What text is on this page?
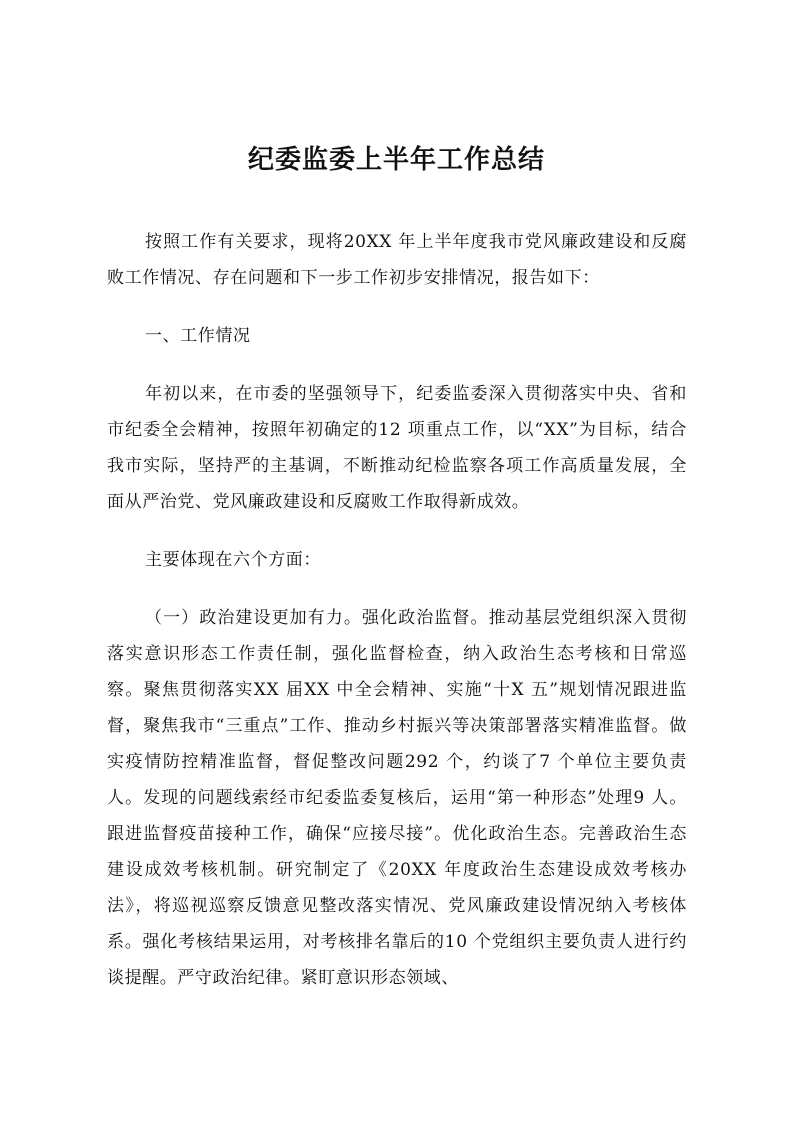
纪委监委上半年工作总结

按照工作有关要求，现将20XX 年上半年度我市党风廉政建设和反腐败工作情况、存在问题和下一步工作初步安排情况，报告如下：

一、工作情况

年初以来，在市委的坚强领导下，纪委监委深入贯彻落实中央、省和市纪委全会精神，按照年初确定的12 项重点工作，以“XX”为目标，结合我市实际，坚持严的主基调，不断推动纪检监察各项工作高质量发展，全面从严治党、党风廉政建设和反腐败工作取得新成效。

主要体现在六个方面：

（一）政治建设更加有力。强化政治监督。推动基层党组织深入贯彻落实意识形态工作责任制，强化监督检查，纳入政治生态考核和日常巡察。聚焦贯彻落实XX 届XX 中全会精神、实施“十X 五”规划情况跟进监督，聚焦我市“三重点”工作、推动乡村振兴等决策部署落实精准监督。做实疫情防控精准监督，督促整改问题292 个，约谈了7 个单位主要负责人。发现的问题线索经市纪委监委复核后，运用“第一种形态”处理9 人。跟进监督疫苗接种工作，确保“应接尽接”。优化政治生态。完善政治生态建设成效考核机制。研究制定了《20XX 年度政治生态建设成效考核办法》，将巡视巡察反馈意见整改落实情况、党风廉政建设情况纳入考核体系。强化考核结果运用，对考核排名靠后的10 个党组织主要负责人进行约谈提醒。严守政治纪律。紧盯意识形态领域、
